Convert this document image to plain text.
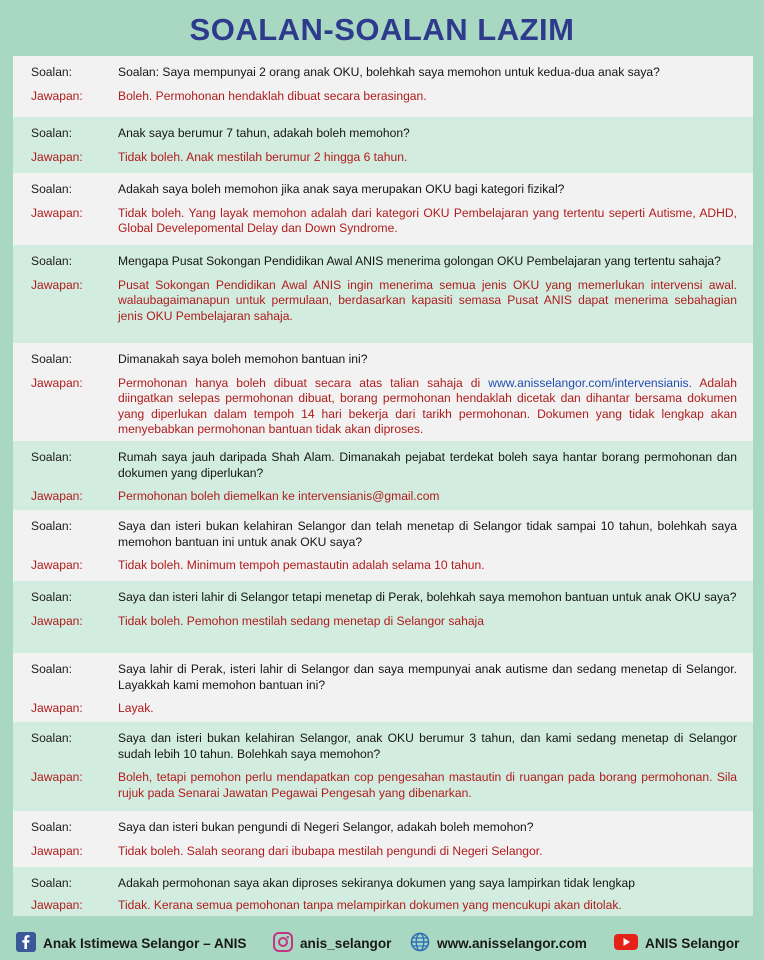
SOALAN-SOALAN LAZIM
Soalan:	Soalan: Saya mempunyai 2 orang anak OKU, bolehkah saya memohon untuk kedua-dua anak saya?
Jawapan:	Boleh. Permohonan hendaklah dibuat secara berasingan.
Soalan:	Anak saya berumur 7 tahun, adakah boleh memohon?
Jawapan:	Tidak boleh. Anak mestilah berumur 2 hingga 6 tahun.
Soalan:	Adakah saya boleh memohon jika anak saya merupakan OKU bagi kategori fizikal?
Jawapan:	Tidak boleh. Yang layak memohon adalah dari kategori OKU Pembelajaran yang tertentu seperti Autisme, ADHD, Global Develepomental Delay dan Down Syndrome.
Soalan:	Mengapa Pusat Sokongan Pendidikan Awal ANIS menerima golongan OKU Pembelajaran yang tertentu sahaja?
Jawapan:	Pusat Sokongan Pendidikan Awal ANIS ingin menerima semua jenis OKU yang memerlukan intervensi awal. walaubagaimanapun untuk permulaan, berdasarkan kapasiti semasa Pusat ANIS dapat menerima sebahagian jenis OKU Pembelajaran sahaja.
Soalan:	Dimanakah saya boleh memohon bantuan ini?
Jawapan:	Permohonan hanya boleh dibuat secara atas talian sahaja di www.anisselangor.com/intervensianis. Adalah diingatkan selepas permohonan dibuat, borang permohonan hendaklah dicetak dan dihantar bersama dokumen yang diperlukan dalam tempoh 14 hari bekerja dari tarikh permohonan. Dokumen yang tidak lengkap akan menyebabkan permohonan bantuan tidak akan diproses.
Soalan:	Rumah saya jauh daripada Shah Alam. Dimanakah pejabat terdekat boleh saya hantar borang permohonan dan dokumen yang diperlukan?
Jawapan:	Permohonan boleh diemelkan ke intervensianis@gmail.com
Soalan:	Saya dan isteri bukan kelahiran Selangor dan telah menetap di Selangor tidak sampai 10 tahun, bolehkah saya memohon bantuan ini untuk anak OKU saya?
Jawapan:	Tidak boleh. Minimum tempoh pemastautin adalah selama 10 tahun.
Soalan:	Saya dan isteri lahir di Selangor tetapi menetap di Perak, bolehkah saya memohon bantuan untuk anak OKU saya?
Jawapan:	Tidak boleh. Pemohon mestilah sedang menetap di Selangor sahaja
Soalan:	Saya lahir di Perak, isteri lahir di Selangor dan saya mempunyai anak autisme dan sedang menetap di Selangor. Layakkah kami memohon bantuan ini?
Jawapan:	Layak.
Soalan:	Saya dan isteri bukan kelahiran Selangor, anak OKU berumur 3 tahun, dan kami sedang menetap di Selangor sudah lebih 10 tahun. Bolehkah saya memohon?
Jawapan:	Boleh, tetapi pemohon perlu mendapatkan cop pengesahan mastautin di ruangan pada borang permohonan. Sila rujuk pada Senarai Jawatan Pegawai Pengesah yang dibenarkan.
Soalan:	Saya dan isteri bukan pengundi di Negeri Selangor, adakah boleh memohon?
Jawapan:	Tidak boleh. Salah seorang dari ibubapa mestilah pengundi di Negeri Selangor.
Soalan:	Adakah permohonan saya akan diproses sekiranya dokumen yang saya lampirkan tidak lengkap
Jawapan:	Tidak. Kerana semua pemohonan tanpa melampirkan dokumen yang mencukupi akan ditolak.
Anak Istimewa Selangor – ANIS	anis_selangor	www.anisselangor.com	ANIS Selangor
